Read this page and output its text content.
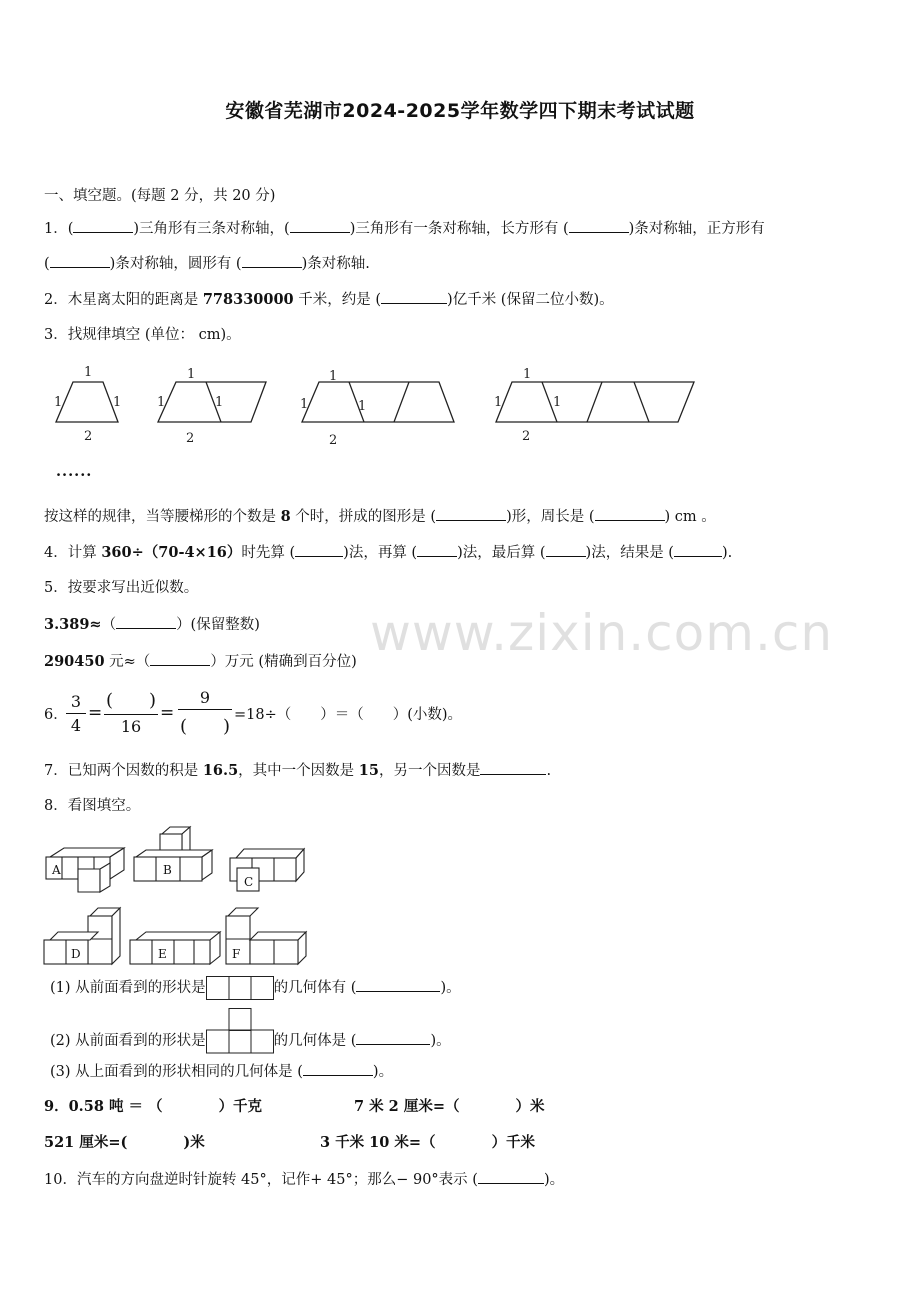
安徽省芜湖市2024-2025学年数学四下期末考试试题
一、填空题。(每题 2 分，共 20 分)
1．(	)三角形有三条对称轴，(	)三角形有一条对称轴，长方形有 (	)条对称轴，正方形有
(	)条对称轴，圆形有 (	)条对称轴.
2．木星离太阳的距离是 778330000 千米，约是 (	)亿千米 (保留二位小数)。
3．找规律填空 (单位： cm)。
1
1	1
2
1
1	1
2
1
1	1
2
1
1	1
2
······
按这样的规律，当等腰梯形的个数是 8 个时，拼成的图形是 (	)形，周长是 (	) cm 。
4．计算 360÷（70-4×16）时先算 (	)法，再算 (	)法，最后算 (	)法，结果是 (	).
5．按要求写出近似数。
3.389≈（	）(保留整数)
290450 元≈（	）万元 (精确到百分位) www.zixin.com.cn
6．
3
4
=
(　　)
16
=
9
(　　)
=18÷（　　）＝（　　）(小数)。
7．已知两个因数的积是 16.5，其中一个因数是 15，另一个因数是	.
8．看图填空。
A	B
C
D	E	F
(1) 从前面看到的形状是	的几何体有 (	)。
(2) 从前面看到的形状是	的几何体是 (	)。
(3) 从上面看到的形状相同的几何体是 (	)。
9．0.58 吨 ＝ （	）千克	7 米 2 厘米=（	）米
521 厘米=(	)米	3 千米 10 米=（	）千米
10．汽车的方向盘逆时针旋转 45°，记作+ 45°；那么− 90°表示 (	)。
